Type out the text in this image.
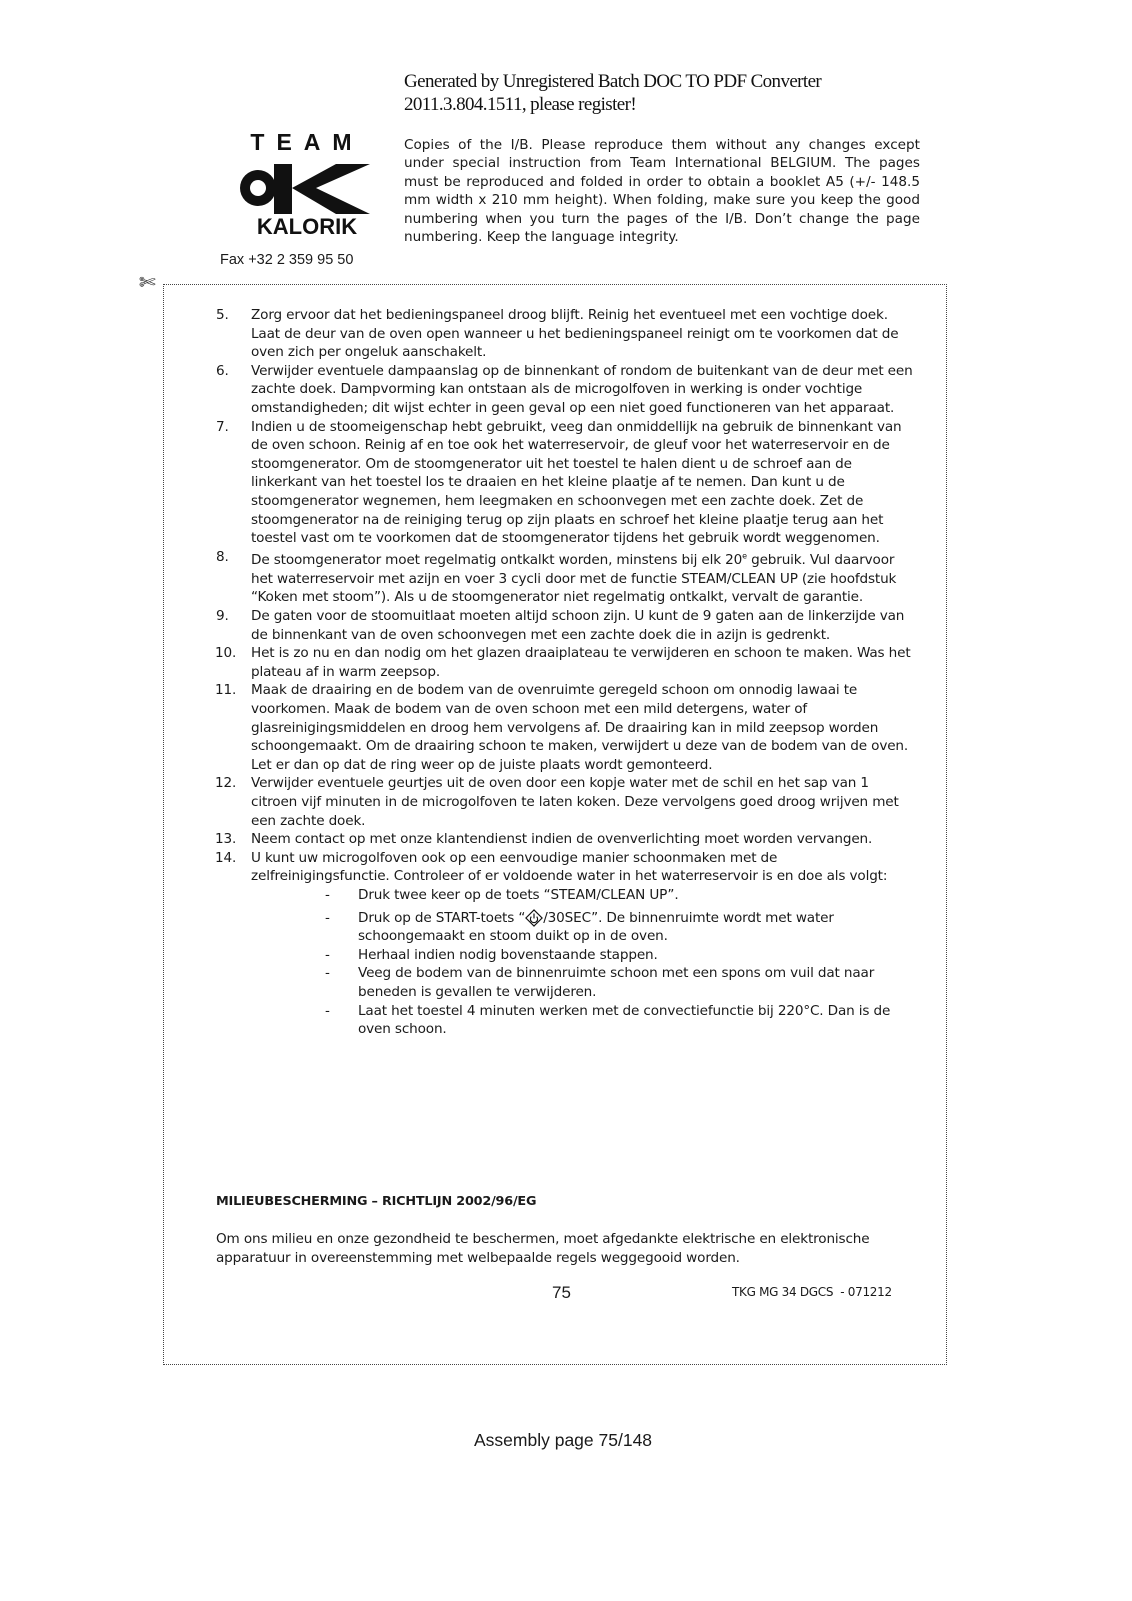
Generated by Unregistered Batch DOC TO PDF Converter
2011.3.804.1511, please register!
TEAM
KALORIK
Fax +32 2 359 95 50

Copies of the I/B. Please reproduce them without any changes except under special instruction from Team International BELGIUM. The pages must be reproduced and folded in order to obtain a booklet A5 (+/- 148.5 mm width x 210 mm height). When folding, make sure you keep the good numbering when you turn the pages of the I/B. Don’t change the page numbering. Keep the language integrity.

✄
5. Zorg ervoor dat het bedieningspaneel droog blijft. Reinig het eventueel met een vochtige doek. Laat de deur van de oven open wanneer u het bedieningspaneel reinigt om te voorkomen dat de oven zich per ongeluk aanschakelt.
6. Verwijder eventuele dampaanslag op de binnenkant of rondom de buitenkant van de deur met een zachte doek. Dampvorming kan ontstaan als de microgolfoven in werking is onder vochtige omstandigheden; dit wijst echter in geen geval op een niet goed functioneren van het apparaat.
7. Indien u de stoomeigenschap hebt gebruikt, veeg dan onmiddellijk na gebruik de binnenkant van de oven schoon. Reinig af en toe ook het waterreservoir, de gleuf voor het waterreservoir en de stoomgenerator. Om de stoomgenerator uit het toestel te halen dient u de schroef aan de linkerkant van het toestel los te draaien en het kleine plaatje af te nemen. Dan kunt u de stoomgenerator wegnemen, hem leegmaken en schoonvegen met een zachte doek. Zet de stoomgenerator na de reiniging terug op zijn plaats en schroef het kleine plaatje terug aan het toestel vast om te voorkomen dat de stoomgenerator tijdens het gebruik wordt weggenomen.
8. De stoomgenerator moet regelmatig ontkalkt worden, minstens bij elk 20e gebruik. Vul daarvoor het waterreservoir met azijn en voer 3 cycli door met de functie STEAM/CLEAN UP (zie hoofdstuk “Koken met stoom”). Als u de stoomgenerator niet regelmatig ontkalkt, vervalt de garantie.
9. De gaten voor de stoomuitlaat moeten altijd schoon zijn. U kunt de 9 gaten aan de linkerzijde van de binnenkant van de oven schoonvegen met een zachte doek die in azijn is gedrenkt.
10. Het is zo nu en dan nodig om het glazen draaiplateau te verwijderen en schoon te maken. Was het plateau af in warm zeepsop.
11. Maak de draairing en de bodem van de ovenruimte geregeld schoon om onnodig lawaai te voorkomen. Maak de bodem van de oven schoon met een mild detergens, water of glasreinigingsmiddelen en droog hem vervolgens af. De draairing kan in mild zeepsop worden schoongemaakt. Om de draairing schoon te maken, verwijdert u deze van de bodem van de oven. Let er dan op dat de ring weer op de juiste plaats wordt gemonteerd.
12. Verwijder eventuele geurtjes uit de oven door een kopje water met de schil en het sap van 1 citroen vijf minuten in de microgolfoven te laten koken. Deze vervolgens goed droog wrijven met een zachte doek.
13. Neem contact op met onze klantendienst indien de ovenverlichting moet worden vervangen.
14. U kunt uw microgolfoven ook op een eenvoudige manier schoonmaken met de zelfreinigingsfunctie. Controleer of er voldoende water in het waterreservoir is en doe als volgt:
- Druk twee keer op de toets “STEAM/CLEAN UP”.
- Druk op de START-toets “ /30SEC”. De binnenruimte wordt met water schoongemaakt en stoom duikt op in de oven.
- Herhaal indien nodig bovenstaande stappen.
- Veeg de bodem van de binnenruimte schoon met een spons om vuil dat naar beneden is gevallen te verwijderen.
- Laat het toestel 4 minuten werken met de convectiefunctie bij 220°C. Dan is de oven schoon.
MILIEUBESCHERMING – RICHTLIJN 2002/96/EG

Om ons milieu en onze gezondheid te beschermen, moet afgedankte elektrische en elektronische apparatuur in overeenstemming met welbepaalde regels weggegooid worden.

75	TKG MG 34 DGCS  - 071212
Assembly page 75/148
